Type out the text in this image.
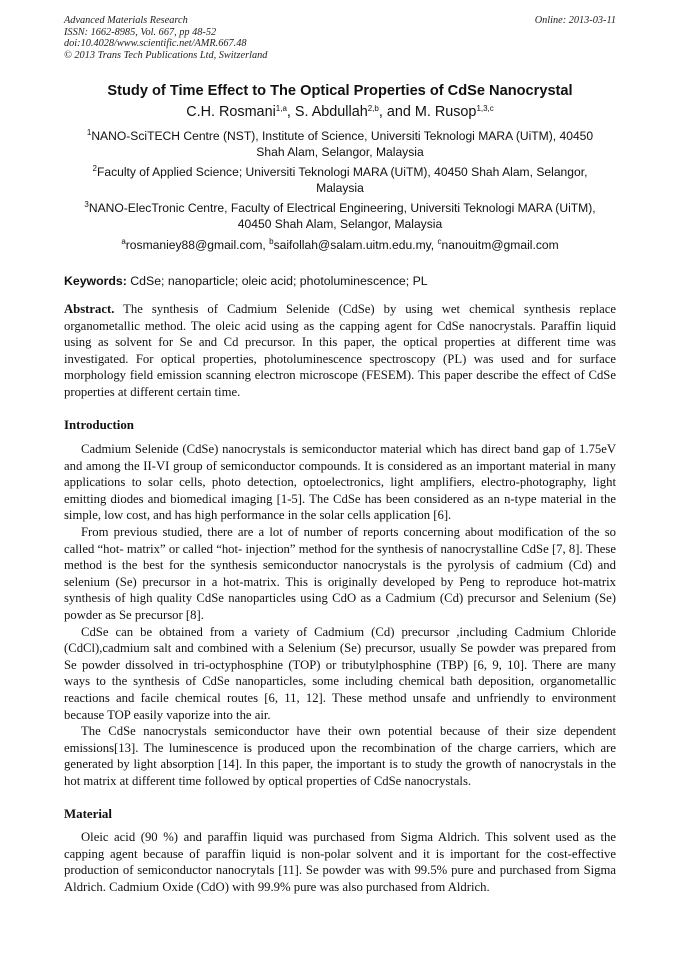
Advanced Materials Research
ISSN: 1662-8985, Vol. 667, pp 48-52
doi:10.4028/www.scientific.net/AMR.667.48
© 2013 Trans Tech Publications Ltd, Switzerland
Online: 2013-03-11
Study of Time Effect to The Optical Properties of CdSe Nanocrystal
C.H. Rosmani$^{1,a}$, S. Abdullah$^{2,b}$, and M. Rusop$^{1,3,c}$
$^1$NANO-SciTECH Centre (NST), Institute of Science, Universiti Teknologi MARA (UiTM), 40450
Shah Alam, Selangor, Malaysia
$^2$Faculty of Applied Science; Universiti Teknologi MARA (UiTM), 40450 Shah Alam, Selangor,
Malaysia
$^3$NANO-ElecTronic Centre, Faculty of Electrical Engineering, Universiti Teknologi MARA (UiTM),
40450 Shah Alam, Selangor, Malaysia
$^a$rosmaniey88@gmail.com, $^b$saifollah@salam.uitm.edu.my, $^c$nanouitm@gmail.com
Keywords: CdSe; nanoparticle; oleic acid; photoluminescence; PL

Abstract. The synthesis of Cadmium Selenide (CdSe) by using wet chemical synthesis replace organometallic method. The oleic acid using as the capping agent for CdSe nanocrystals. Paraffin liquid using as solvent for Se and Cd precursor. In this paper, the optical properties at different time was investigated. For optical properties, photoluminescence spectroscopy (PL) was used and for surface morphology field emission scanning electron microscope (FESEM). This paper describe the effect of CdSe properties at different certain time.

Introduction

Cadmium Selenide (CdSe) nanocrystals is semiconductor material which has direct band gap of 1.75eV and among the II-VI group of semiconductor compounds. It is considered as an important material in many applications to solar cells, photo detection, optoelectronics, light amplifiers, electro-photography, light emitting diodes and biomedical imaging [1-5]. The CdSe has been considered as an n-type material in the simple, low cost, and has high performance in the solar cells application [6].

From previous studied, there are a lot of number of reports concerning about modification of the so called “hot- matrix” or called “hot- injection” method for the synthesis of nanocrystalline CdSe [7, 8]. These method is the best for the synthesis semiconductor nanocrystals is the pyrolysis of cadmium (Cd) and selenium (Se) precursor in a hot-matrix. This is originally developed by Peng to reproduce hot-matrix synthesis of high quality CdSe nanoparticles using CdO as a Cadmium (Cd) precursor and Selenium (Se) powder as Se precursor [8].

CdSe can be obtained from a variety of Cadmium (Cd) precursor ,including Cadmium Chloride (CdCl),cadmium salt and combined with a Selenium (Se) precursor, usually Se powder was prepared from Se powder dissolved in tri-octyphosphine (TOP) or tributylphosphine (TBP) [6, 9, 10]. There are many ways to the synthesis of CdSe nanoparticles, some including chemical bath deposition, organometallic reactions and facile chemical routes [6, 11, 12]. These method unsafe and unfriendly to environment because TOP easily vaporize into the air.

The CdSe nanocrystals semiconductor have their own potential because of their size dependent emissions[13]. The luminescence is produced upon the recombination of the charge carriers, which are generated by light absorption [14]. In this paper, the important is to study the growth of nanocrystals in the hot matrix at different time followed by optical properties of CdSe nanocrystals.

Material

Oleic acid (90 %) and paraffin liquid was purchased from Sigma Aldrich. This solvent used as the capping agent because of paraffin liquid is non-polar solvent and it is important for the cost-effective production of semiconductor nanocrytals [11]. Se powder was with 99.5% pure and purchased from Sigma Aldrich. Cadmium Oxide (CdO) with 99.9% pure was also purchased from Aldrich.
